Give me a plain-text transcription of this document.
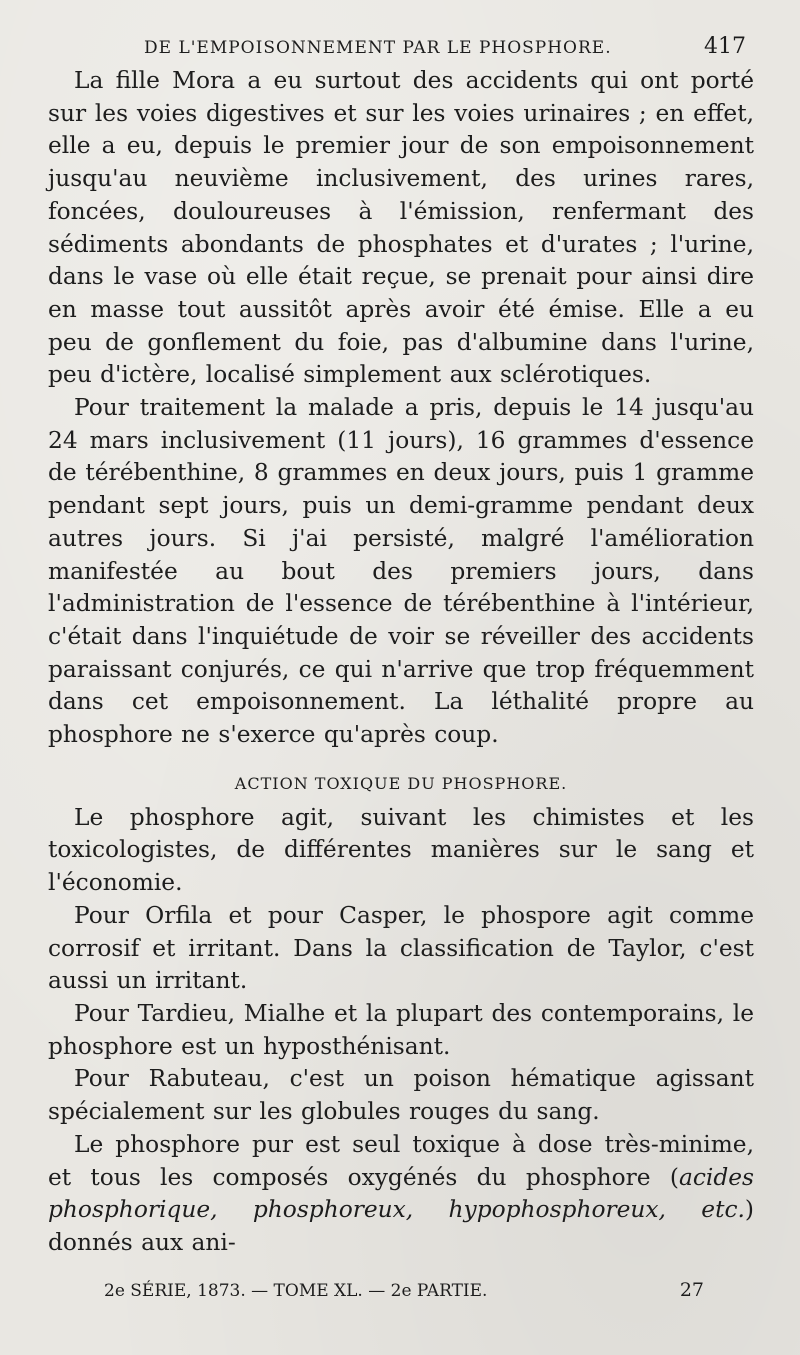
DE L'EMPOISONNEMENT PAR LE PHOSPHORE.	417

La fille Mora a eu surtout des accidents qui ont porté sur les voies digestives et sur les voies urinaires ; en effet, elle a eu, depuis le premier jour de son empoisonnement jusqu'au neuvième inclusivement, des urines rares, foncées, douloureuses à l'émission, renfermant des sédiments abondants de phosphates et d'urates ; l'urine, dans le vase où elle était reçue, se prenait pour ainsi dire en masse tout aussitôt après avoir été émise. Elle a eu peu de gonflement du foie, pas d'albumine dans l'urine, peu d'ictère, localisé simplement aux sclérotiques.

Pour traitement la malade a pris, depuis le 14 jusqu'au 24 mars inclusivement (11 jours), 16 grammes d'essence de térébenthine, 8 grammes en deux jours, puis 1 gramme pendant sept jours, puis un demi-gramme pendant deux autres jours. Si j'ai persisté, malgré l'amélioration manifestée au bout des premiers jours, dans l'administration de l'essence de térébenthine à l'intérieur, c'était dans l'inquiétude de voir se réveiller des accidents paraissant conjurés, ce qui n'arrive que trop fréquemment dans cet empoisonnement. La léthalité propre au phosphore ne s'exerce qu'après coup.

ACTION TOXIQUE DU PHOSPHORE.

Le phosphore agit, suivant les chimistes et les toxicologistes, de différentes manières sur le sang et l'économie.

Pour Orfila et pour Casper, le phospore agit comme corrosif et irritant. Dans la classification de Taylor, c'est aussi un irritant.

Pour Tardieu, Mialhe et la plupart des contemporains, le phosphore est un hyposthénisant.

Pour Rabuteau, c'est un poison hématique agissant spécialement sur les globules rouges du sang.

Le phosphore pur est seul toxique à dose très-minime, et tous les composés oxygénés du phosphore (acides phosphorique, phosphoreux, hypophosphoreux, etc.) donnés aux ani-

2e SÉRIE, 1873. — TOME XL. — 2e PARTIE.	27
